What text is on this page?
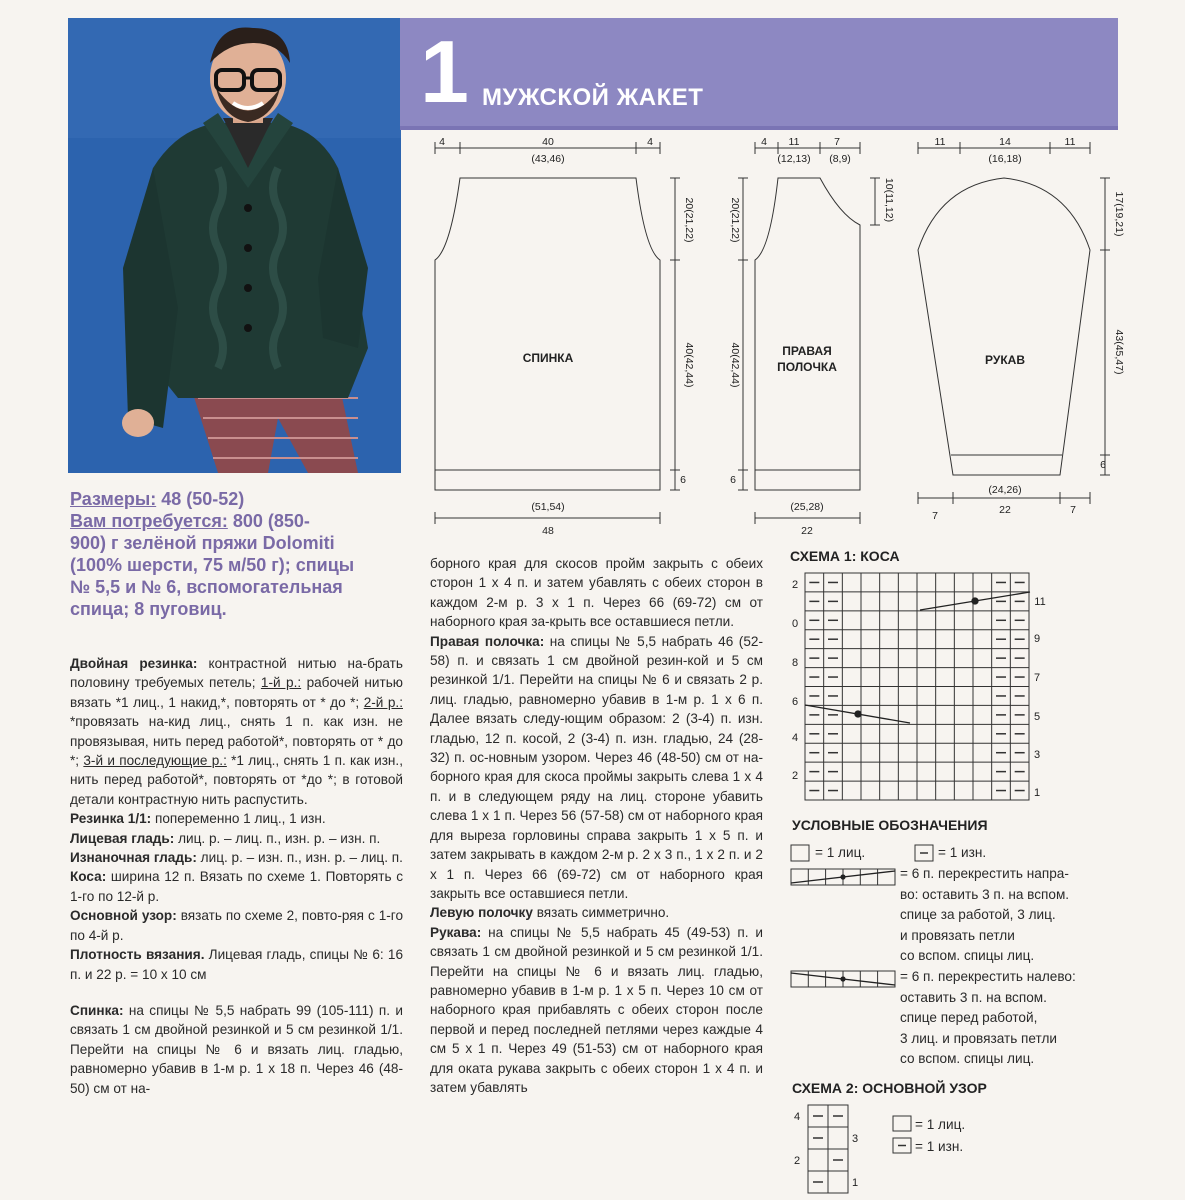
1 МУЖСКОЙ ЖАКЕТ
4	40	4
(43,46)
СПИНКА
20(21,22)
40(42,44)
6
(51,54)
48
4 11	7
(12,13) (8,9)
ПРАВАЯ
ПОЛОЧКА
10(11,12)
20(21,22)
40(42,44)
6
(25,28)
22
11	14	11
(16,18)
РУКАВ
17(19,21)
43(45,47)
6
(24,26)
7	22	7
Размеры: 48 (50-52)
Вам потребуется: 800 (850-
900) г зелёной пряжи Dolomiti
(100% шерсти, 75 м/50 г); спицы
№ 5,5 и № 6, вспомогательная
спица; 8 пуговиц.

Двойная резинка: контрастной нитью на-брать половину требуемых петель; 1-й р.: рабочей нитью вязать *1 лиц., 1 накид,*, повторять от * до *; 2-й р.: *провязать на-кид лиц., снять 1 п. как изн. не провязывая, нить перед работой*, повторять от * до *; 3-й и последующие р.: *1 лиц., снять 1 п. как изн., нить перед работой*, повторять от *до *; в готовой детали контрастную нить распустить.

Резинка 1/1: попеременно 1 лиц., 1 изн.

Лицевая гладь: лиц. р. – лиц. п., изн. р. – изн. п.

Изнаночная гладь: лиц. р. – изн. п., изн. р. – лиц. п.

Коса: ширина 12 п. Вязать по схеме 1. Повторять с 1-го по 12-й р.

Основной узор: вязать по схеме 2, повто-ряя с 1-го по 4-й р.

Плотность вязания. Лицевая гладь, спицы № 6: 16 п. и 22 р. = 10 х 10 см

Спинка: на спицы № 5,5 набрать 99 (105-111) п. и связать 1 см двойной резинкой и 5 см резинкой 1/1. Перейти на спицы № 6 и вязать лиц. гладью, равномерно убавив в 1-м р. 1 х 18 п. Через 46 (48-50) см от на-

борного края для скосов пройм закрыть с обеих сторон 1 х 4 п. и затем убавлять с обеих сторон в каждом 2-м р. 3 х 1 п. Через 66 (69-72) см от наборного края за-крыть все оставшиеся петли.

Правая полочка: на спицы № 5,5 набрать 46 (52-58) п. и связать 1 см двойной резин-кой и 5 см резинкой 1/1. Перейти на спицы № 6 и связать 2 р. лиц. гладью, равномерно убавив в 1-м р. 1 х 6 п. Далее вязать следу-ющим образом: 2 (3-4) п. изн. гладью, 12 п. косой, 2 (3-4) п. изн. гладью, 24 (28-32) п. ос-новным узором. Через 46 (48-50) см от на-борного края для скоса проймы закрыть слева 1 х 4 п. и в следующем ряду на лиц. стороне убавить слева 1 х 1 п. Через 56 (57-58) см от наборного края для выреза горловины справа закрыть 1 х 5 п. и затем закрывать в каждом 2-м р. 2 х 3 п., 1 х 2 п. и 2 х 1 п. Через 66 (69-72) см от наборного края закрыть все оставшиеся петли.

Левую полочку вязать симметрично.

Рукава: на спицы № 5,5 набрать 45 (49-53) п. и связать 1 см двойной резинкой и 5 см резинкой 1/1. Перейти на спицы № 6 и вязать лиц. гладью, равномерно убавив в 1-м р. 1 х 5 п. Через 10 см от наборного края прибавлять с обеих сторон после первой и перед последней петлями через каждые 4 см 5 х 1 п. Через 49 (51-53) см от наборного края для оката рукава закрыть с обеих сторон 1 х 4 п. и затем убавлять

СХЕМА 1: КОСА
2
0
8
6
4
2
11
9
7
5
3
1
УСЛОВНЫЕ ОБОЗНАЧЕНИЯ
= 1 лиц.	= 1 изн.
= 6 п. перекрестить напра-
во: оставить 3 п. на вспом.
спице за работой, 3 лиц.
и провязать петли
со вспом. спицы лиц.
= 6 п. перекрестить налево:
оставить 3 п. на вспом.
спице перед работой,
3 лиц. и провязать петли
со вспом. спицы лиц.
СХЕМА 2: ОСНОВНОЙ УЗОР
4
2
3
1
= 1 лиц.
= 1 изн.
